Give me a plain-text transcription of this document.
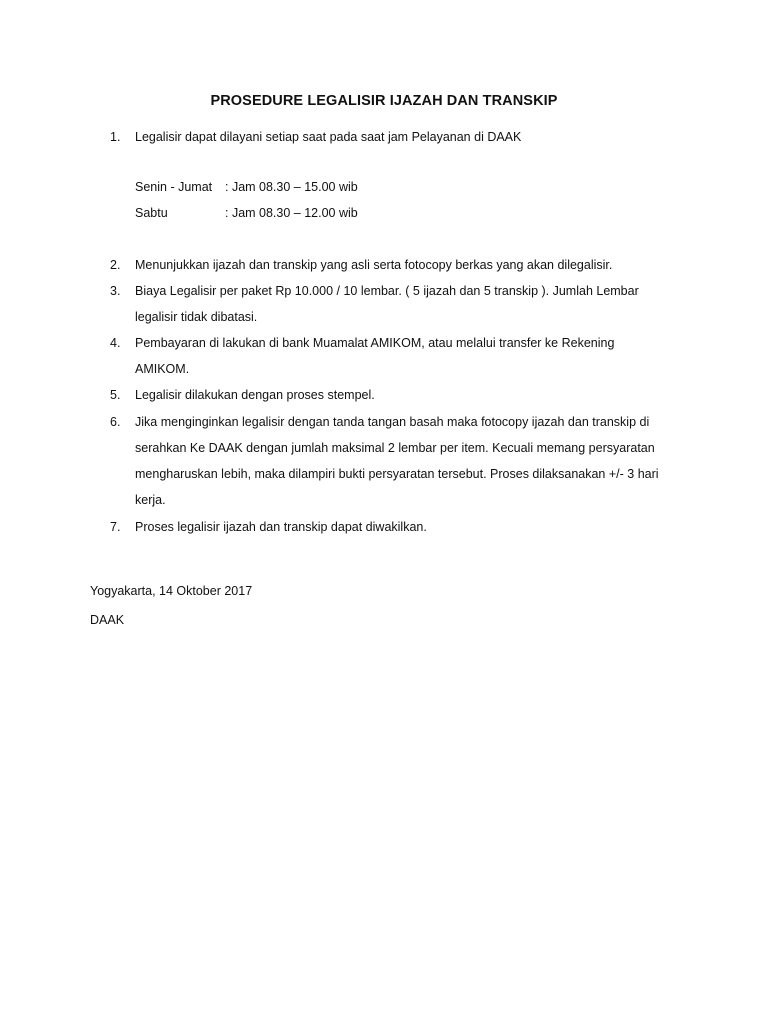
PROSEDURE LEGALISIR IJAZAH DAN TRANSKIP
1. Legalisir dapat dilayani setiap saat pada saat jam Pelayanan di DAAK
Senin - Jumat : Jam 08.30 – 15.00 wib
Sabtu	: Jam 08.30 – 12.00 wib
2. Menunjukkan ijazah dan transkip yang asli serta fotocopy berkas yang akan dilegalisir.
3. Biaya Legalisir per paket Rp 10.000 / 10 lembar. ( 5 ijazah dan 5 transkip ). Jumlah Lembar
legalisir tidak dibatasi.
4. Pembayaran di lakukan di bank Muamalat AMIKOM, atau melalui transfer ke Rekening
AMIKOM.
5. Legalisir dilakukan dengan proses stempel.
6. Jika menginginkan legalisir dengan tanda tangan basah maka fotocopy ijazah dan transkip di
serahkan Ke DAAK dengan jumlah maksimal 2 lembar per item. Kecuali memang persyaratan
mengharuskan lebih, maka dilampiri bukti persyaratan tersebut. Proses dilaksanakan +/- 3 hari
kerja.
7. Proses legalisir ijazah dan transkip dapat diwakilkan.
Yogyakarta, 14 Oktober 2017
DAAK
